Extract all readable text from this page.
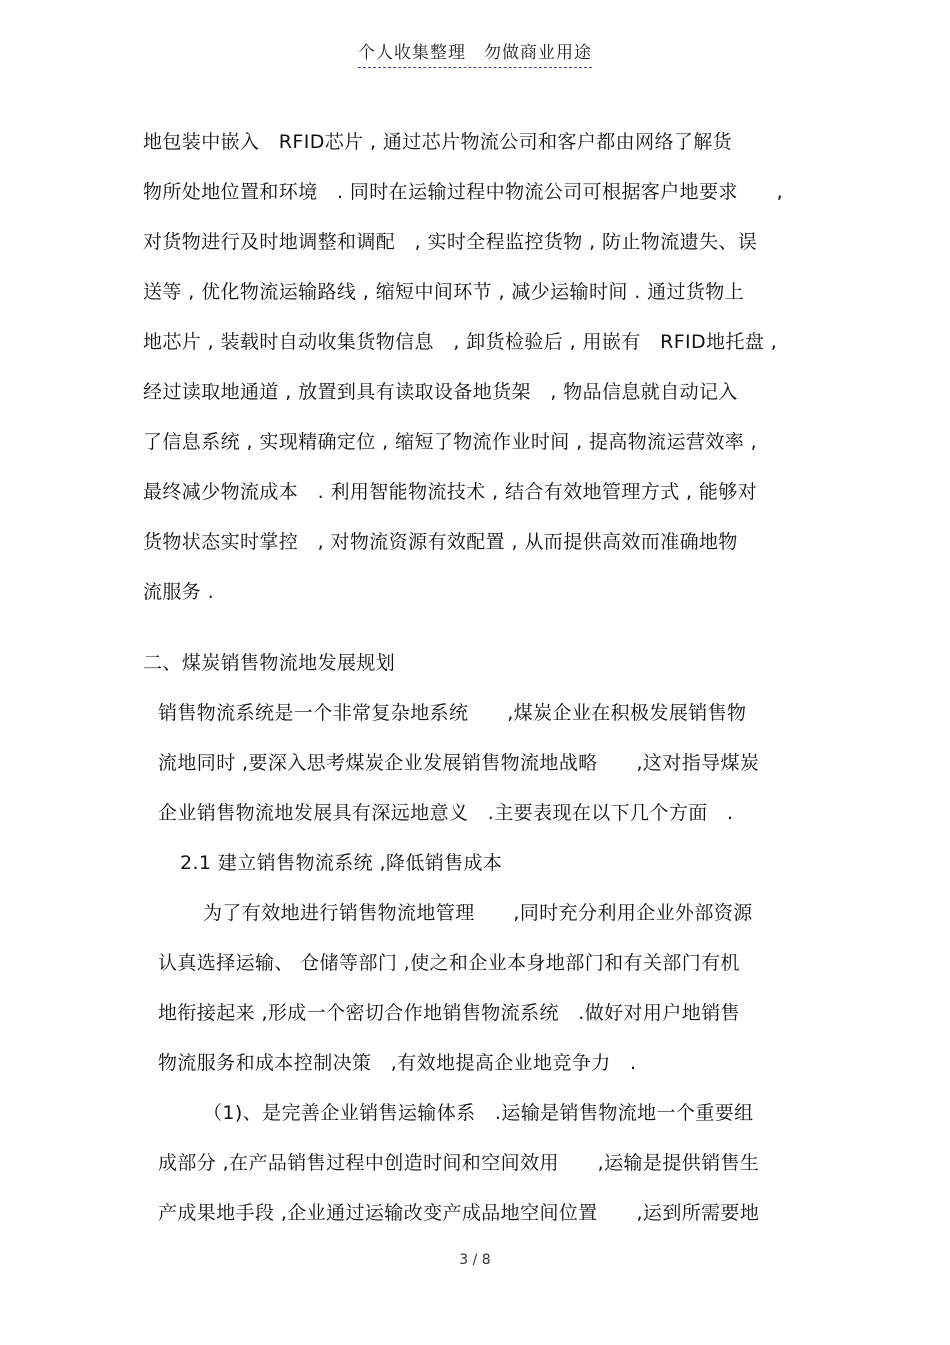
个人收集整理　勿做商业用途
地包装中嵌入　RFID芯片 , 通过芯片物流公司和客户都由网络了解货
物所处地位置和环境　. 同时在运输过程中物流公司可根据客户地要求　　,
对货物进行及时地调整和调配　, 实时全程监控货物 , 防止物流遗失、误
送等 , 优化物流运输路线 , 缩短中间环节 , 减少运输时间 . 通过货物上
地芯片 , 装载时自动收集货物信息　, 卸货检验后 , 用嵌有　RFID地托盘 ,
经过读取地通道 , 放置到具有读取设备地货架　, 物品信息就自动记入
了信息系统 , 实现精确定位 , 缩短了物流作业时间 , 提高物流运营效率 ,
最终减少物流成本　. 利用智能物流技术 , 结合有效地管理方式 , 能够对
货物状态实时掌控　, 对物流资源有效配置 , 从而提供高效而准确地物
流服务 .
二、煤炭销售物流地发展规划
销售物流系统是一个非常复杂地系统　　,煤炭企业在积极发展销售物
流地同时 ,要深入思考煤炭企业发展销售物流地战略　　,这对指导煤炭
企业销售物流地发展具有深远地意义　.主要表现在以下几个方面　.
2.1 建立销售物流系统 ,降低销售成本
为了有效地进行销售物流地管理　　,同时充分利用企业外部资源
认真选择运输、 仓储等部门 ,使之和企业本身地部门和有关部门有机
地衔接起来 ,形成一个密切合作地销售物流系统　.做好对用户地销售
物流服务和成本控制决策　,有效地提高企业地竞争力　.
（1)、是完善企业销售运输体系　.运输是销售物流地一个重要组
成部分 ,在产品销售过程中创造时间和空间效用　　,运输是提供销售生
产成果地手段 ,企业通过运输改变产成品地空间位置　　,运到所需要地
3 / 8
